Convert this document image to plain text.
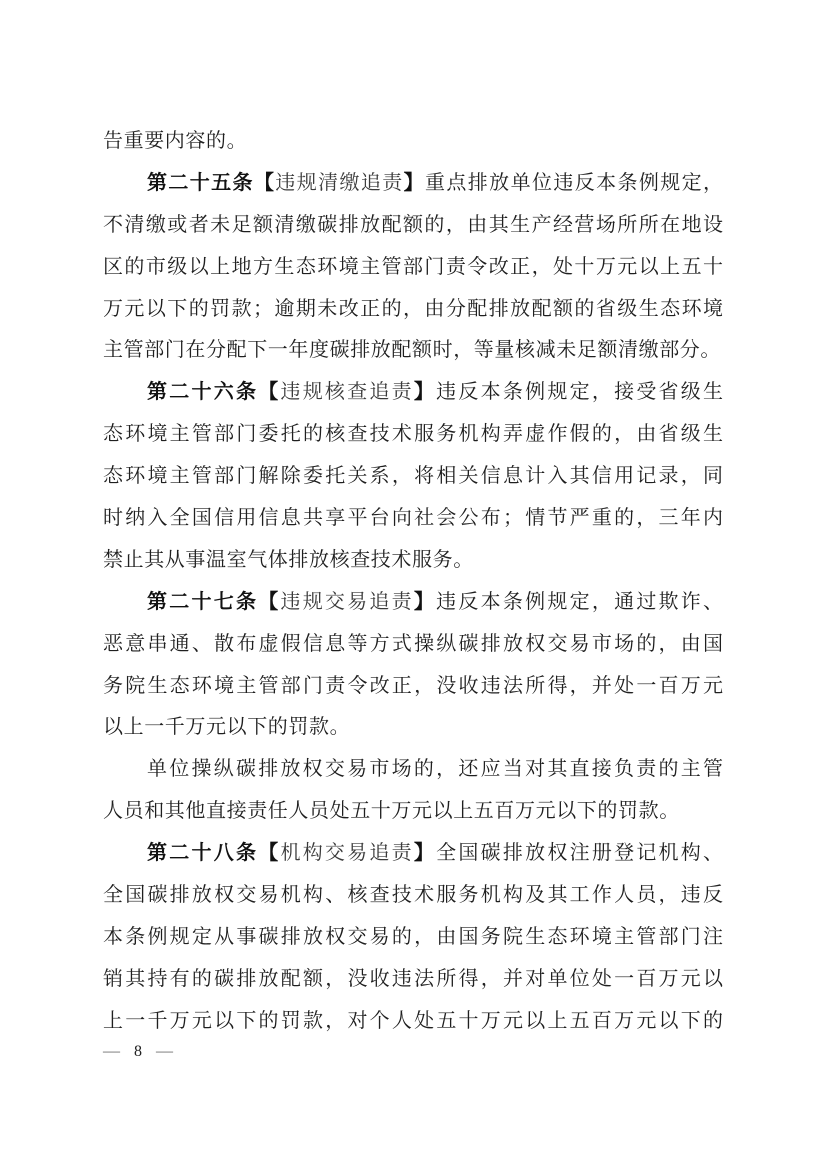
告重要内容的。
第二十五条【违规清缴追责】重点排放单位违反本条例规定，
不清缴或者未足额清缴碳排放配额的，由其生产经营场所所在地设
区的市级以上地方生态环境主管部门责令改正，处十万元以上五十
万元以下的罚款；逾期未改正的，由分配排放配额的省级生态环境
主管部门在分配下一年度碳排放配额时，等量核减未足额清缴部分。
第二十六条【违规核查追责】违反本条例规定，接受省级生
态环境主管部门委托的核查技术服务机构弄虚作假的，由省级生
态环境主管部门解除委托关系，将相关信息计入其信用记录，同
时纳入全国信用信息共享平台向社会公布；情节严重的，三年内
禁止其从事温室气体排放核查技术服务。
第二十七条【违规交易追责】违反本条例规定，通过欺诈、
恶意串通、散布虚假信息等方式操纵碳排放权交易市场的，由国
务院生态环境主管部门责令改正，没收违法所得，并处一百万元
以上一千万元以下的罚款。
单位操纵碳排放权交易市场的，还应当对其直接负责的主管
人员和其他直接责任人员处五十万元以上五百万元以下的罚款。
第二十八条【机构交易追责】全国碳排放权注册登记机构、
全国碳排放权交易机构、核查技术服务机构及其工作人员，违反
本条例规定从事碳排放权交易的，由国务院生态环境主管部门注
销其持有的碳排放配额，没收违法所得，并对单位处一百万元以
上一千万元以下的罚款，对个人处五十万元以上五百万元以下的
— 8 —
